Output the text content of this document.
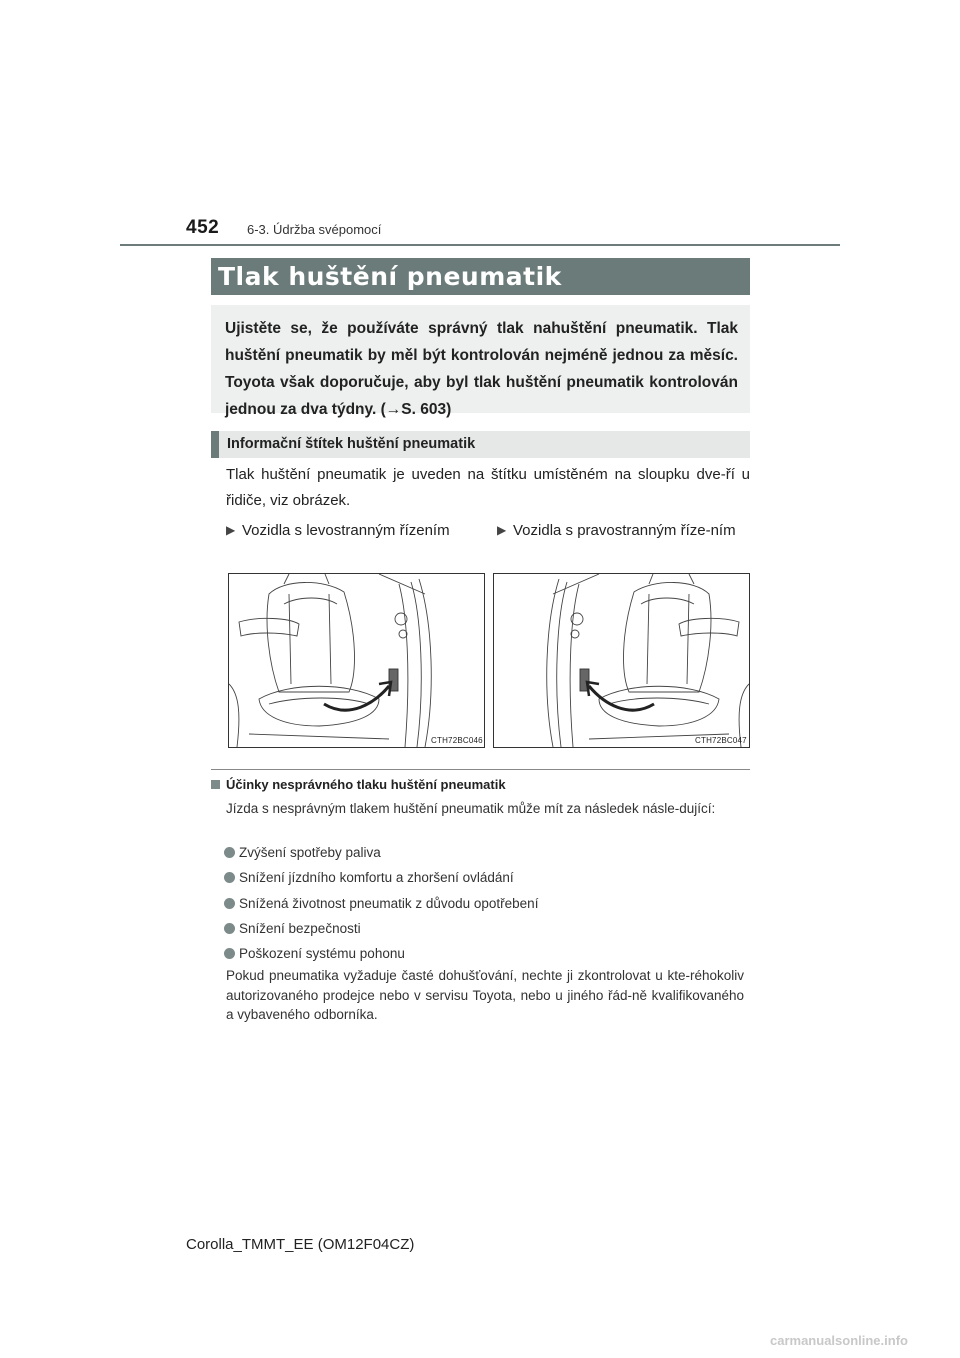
452 6-3. Údržba svépomocí
Tlak huštění pneumatik
Ujistěte se, že používáte správný tlak nahuštění pneumatik. Tlak huštění pneumatik by měl být kontrolován nejméně jednou za měsíc. Toyota však doporučuje, aby byl tlak huštění pneumatik kontrolován jednou za dva týdny. (→S. 603)
Informační štítek huštění pneumatik
Tlak huštění pneumatik je uveden na štítku umístěném na sloupku dve-ří u řidiče, viz obrázek.
▶ Vozidla s levostranným řízením	▶ Vozidla s pravostranným říze-ním
CTH72BC046	CTH72BC047
Účinky nesprávného tlaku huštění pneumatik
Jízda s nesprávným tlakem huštění pneumatik může mít za následek násle-dující:
Zvýšení spotřeby paliva
Snížení jízdního komfortu a zhoršení ovládání
Snížená životnost pneumatik z důvodu opotřebení
Snížení bezpečnosti
Poškození systému pohonu
Pokud pneumatika vyžaduje časté dohušťování, nechte ji zkontrolovat u kte-réhokoliv autorizovaného prodejce nebo v servisu Toyota, nebo u jiného řád-ně kvalifikovaného a vybaveného odborníka.
Corolla_TMMT_EE (OM12F04CZ)
carmanualsonline.info
